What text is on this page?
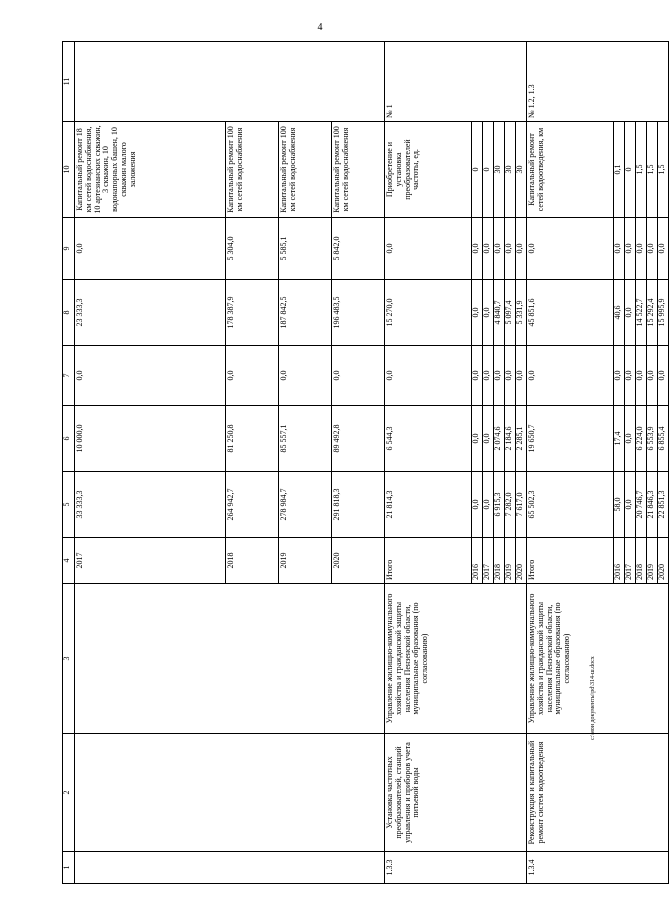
4
1	2	3	4	5	6	7	8	9	10	11
			2017	33 333,3	10 000,0	0,0	23 333,3	0,0	Капитальный ремонт 18 км сетей водоснабжения, 10 артезианских скважин, 3 скважин, 10 водонапорных башен, 10 скважин малого заложения	
			2018	264 942,7	81 250,8	0,0	178 387,9	5 304,0	Капитальный ремонт 100 км сетей водоснабжения	
			2019	278 984,7	85 557,1	0,0	187 842,5	5 585,1	Капитальный ремонт 100 км сетей водоснабжения	
			2020	291 818,3	89 492,8	0,0	196 483,5	5 842,0	Капитальный ремонт 100 км сетей водоснабжения	
1.3.3	Установка частотных преобразователей, станций управления и приборов учета питьевой воды	Управление жилищно-коммунального хозяйства и гражданской защиты населения Пензенской области,
муниципальные образования (по согласованию)	Итого	21 814,3	6 544,3	0,0	15 270,0	0,0	Приобретение и установка преобразователей частоты, ед.	№ 1
			2016	0,0	0,0	0,0	0,0	0,0	0	
			2017	0,0	0,0	0,0	0,0	0,0	0	
			2018	6 915,3	2 074,6	0,0	4 840,7	0,0	30	
			2019	7 282,0	2 184,6	0,0	5 097,4	0,0	30	
			2020	7 617,0	2 285,1	0,0	5 331,9	0,0	30	
1.3.4	Реконструкция и капитальный ремонт систем водоотведения	Управление жилищно-коммунального хозяйства и гражданской защиты населения Пензенской области,
муниципальные образования (по согласованию)	Итого	65 502,3	19 650,7	0,0	45 851,6	0,0	Капитальный ремонт сетей водоотведения, км	№ 1.2, 1.3
			2016	58,0	17,4	0,0	40,6	0,0	0,1	
			2017	0,0	0,0	0,0	0,0	0,0	0	
			2018	20 746,7	6 224,0	0,0	14 522,7	0,0	1,5	
			2019	21 846,3	6 553,9	0,0	15 292,4	0,0	1,5	
			2020	22 851,3	6 855,4	0,0	15 995,9	0,0	1,5	
c:\мои документы\pd\314-ш.docx
